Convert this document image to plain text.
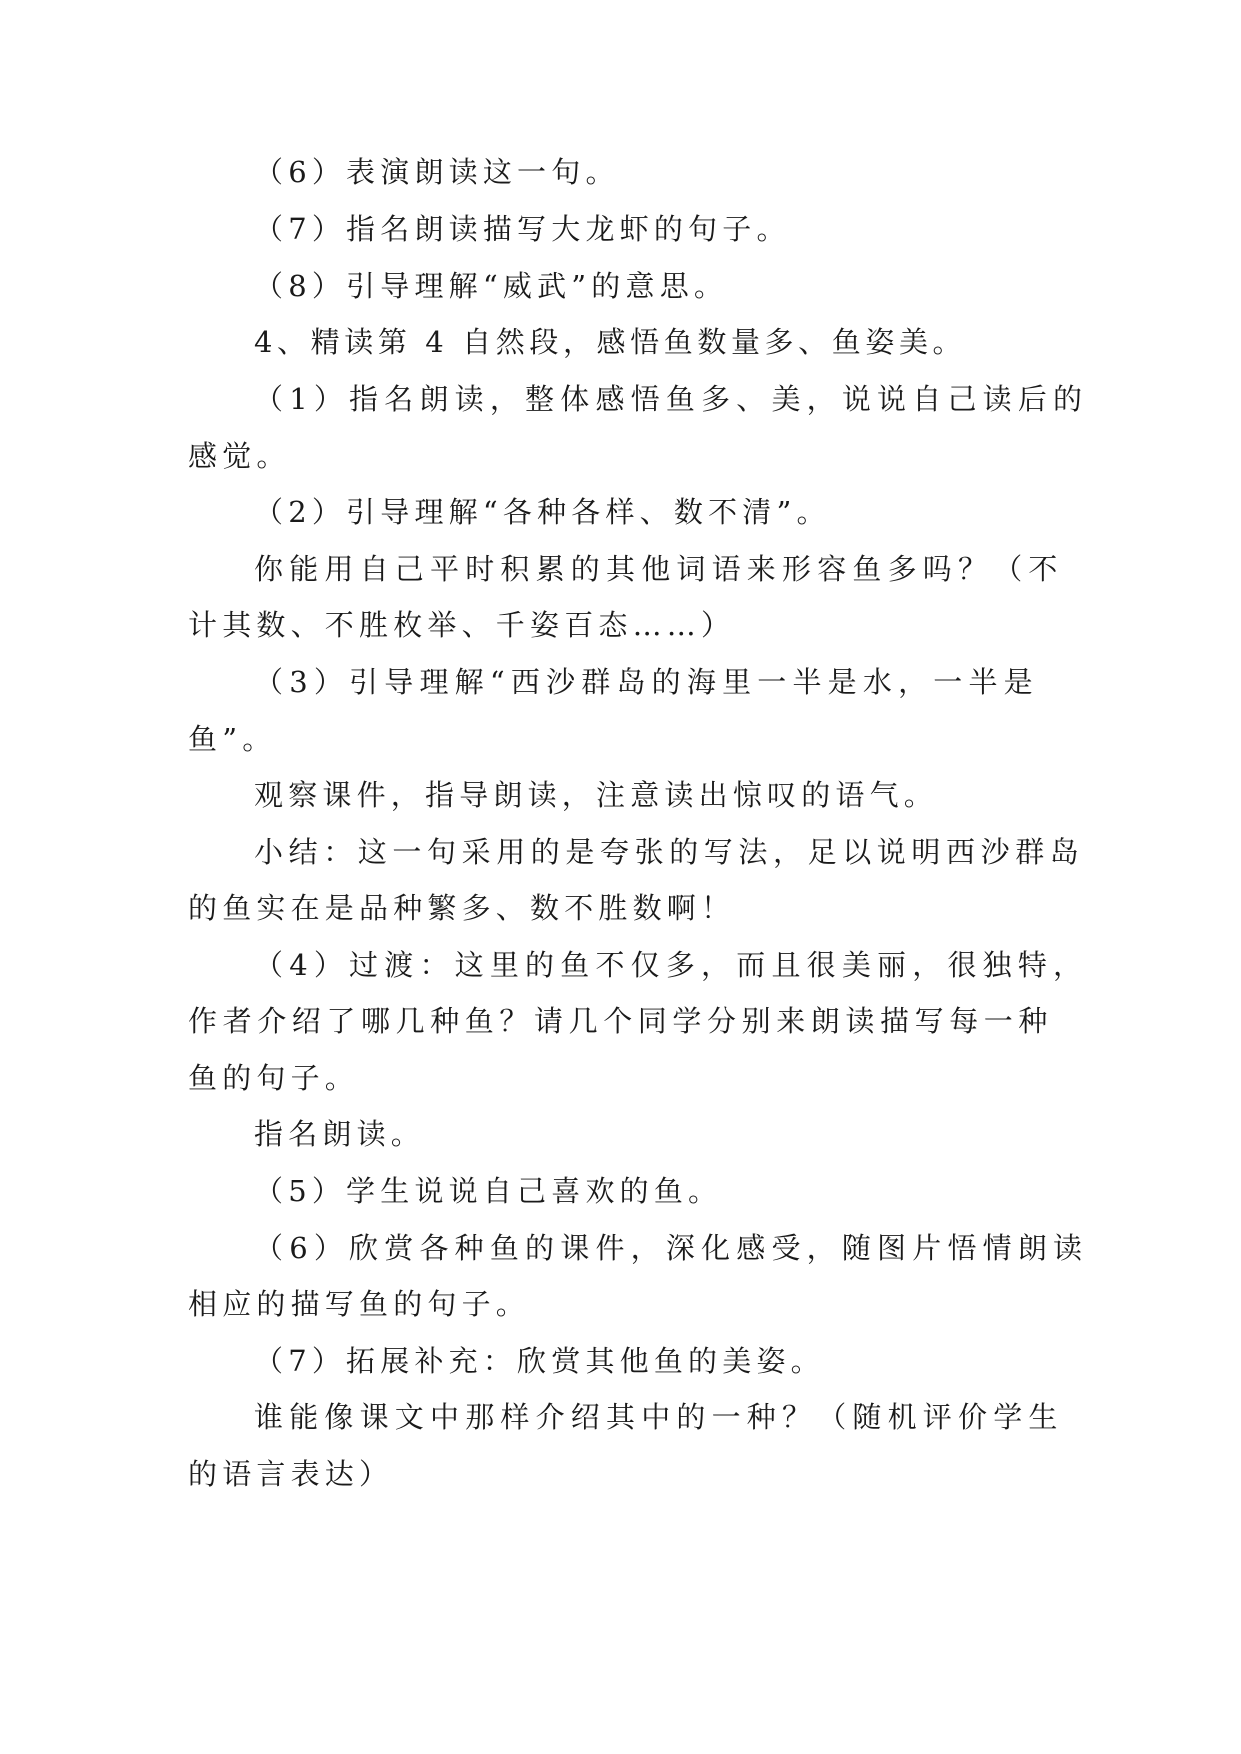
（6）表演朗读这一句。

（7）指名朗读描写大龙虾的句子。

（8）引导理解“威武”的意思。

4、精读第 4 自然段，感悟鱼数量多、鱼姿美。

（1）指名朗读，整体感悟鱼多、美，说说自己读后的

感觉。

（2）引导理解“各种各样、数不清”。

你能用自己平时积累的其他词语来形容鱼多吗？（不

计其数、不胜枚举、千姿百态……）

（3）引导理解“西沙群岛的海里一半是水，一半是

鱼”。

观察课件，指导朗读，注意读出惊叹的语气。

小结：这一句采用的是夸张的写法，足以说明西沙群岛

的鱼实在是品种繁多、数不胜数啊！

（4）过渡：这里的鱼不仅多，而且很美丽，很独特，

作者介绍了哪几种鱼？请几个同学分别来朗读描写每一种

鱼的句子。

指名朗读。

（5）学生说说自己喜欢的鱼。

（6）欣赏各种鱼的课件，深化感受，随图片悟情朗读

相应的描写鱼的句子。

（7）拓展补充：欣赏其他鱼的美姿。

谁能像课文中那样介绍其中的一种？（随机评价学生

的语言表达）
